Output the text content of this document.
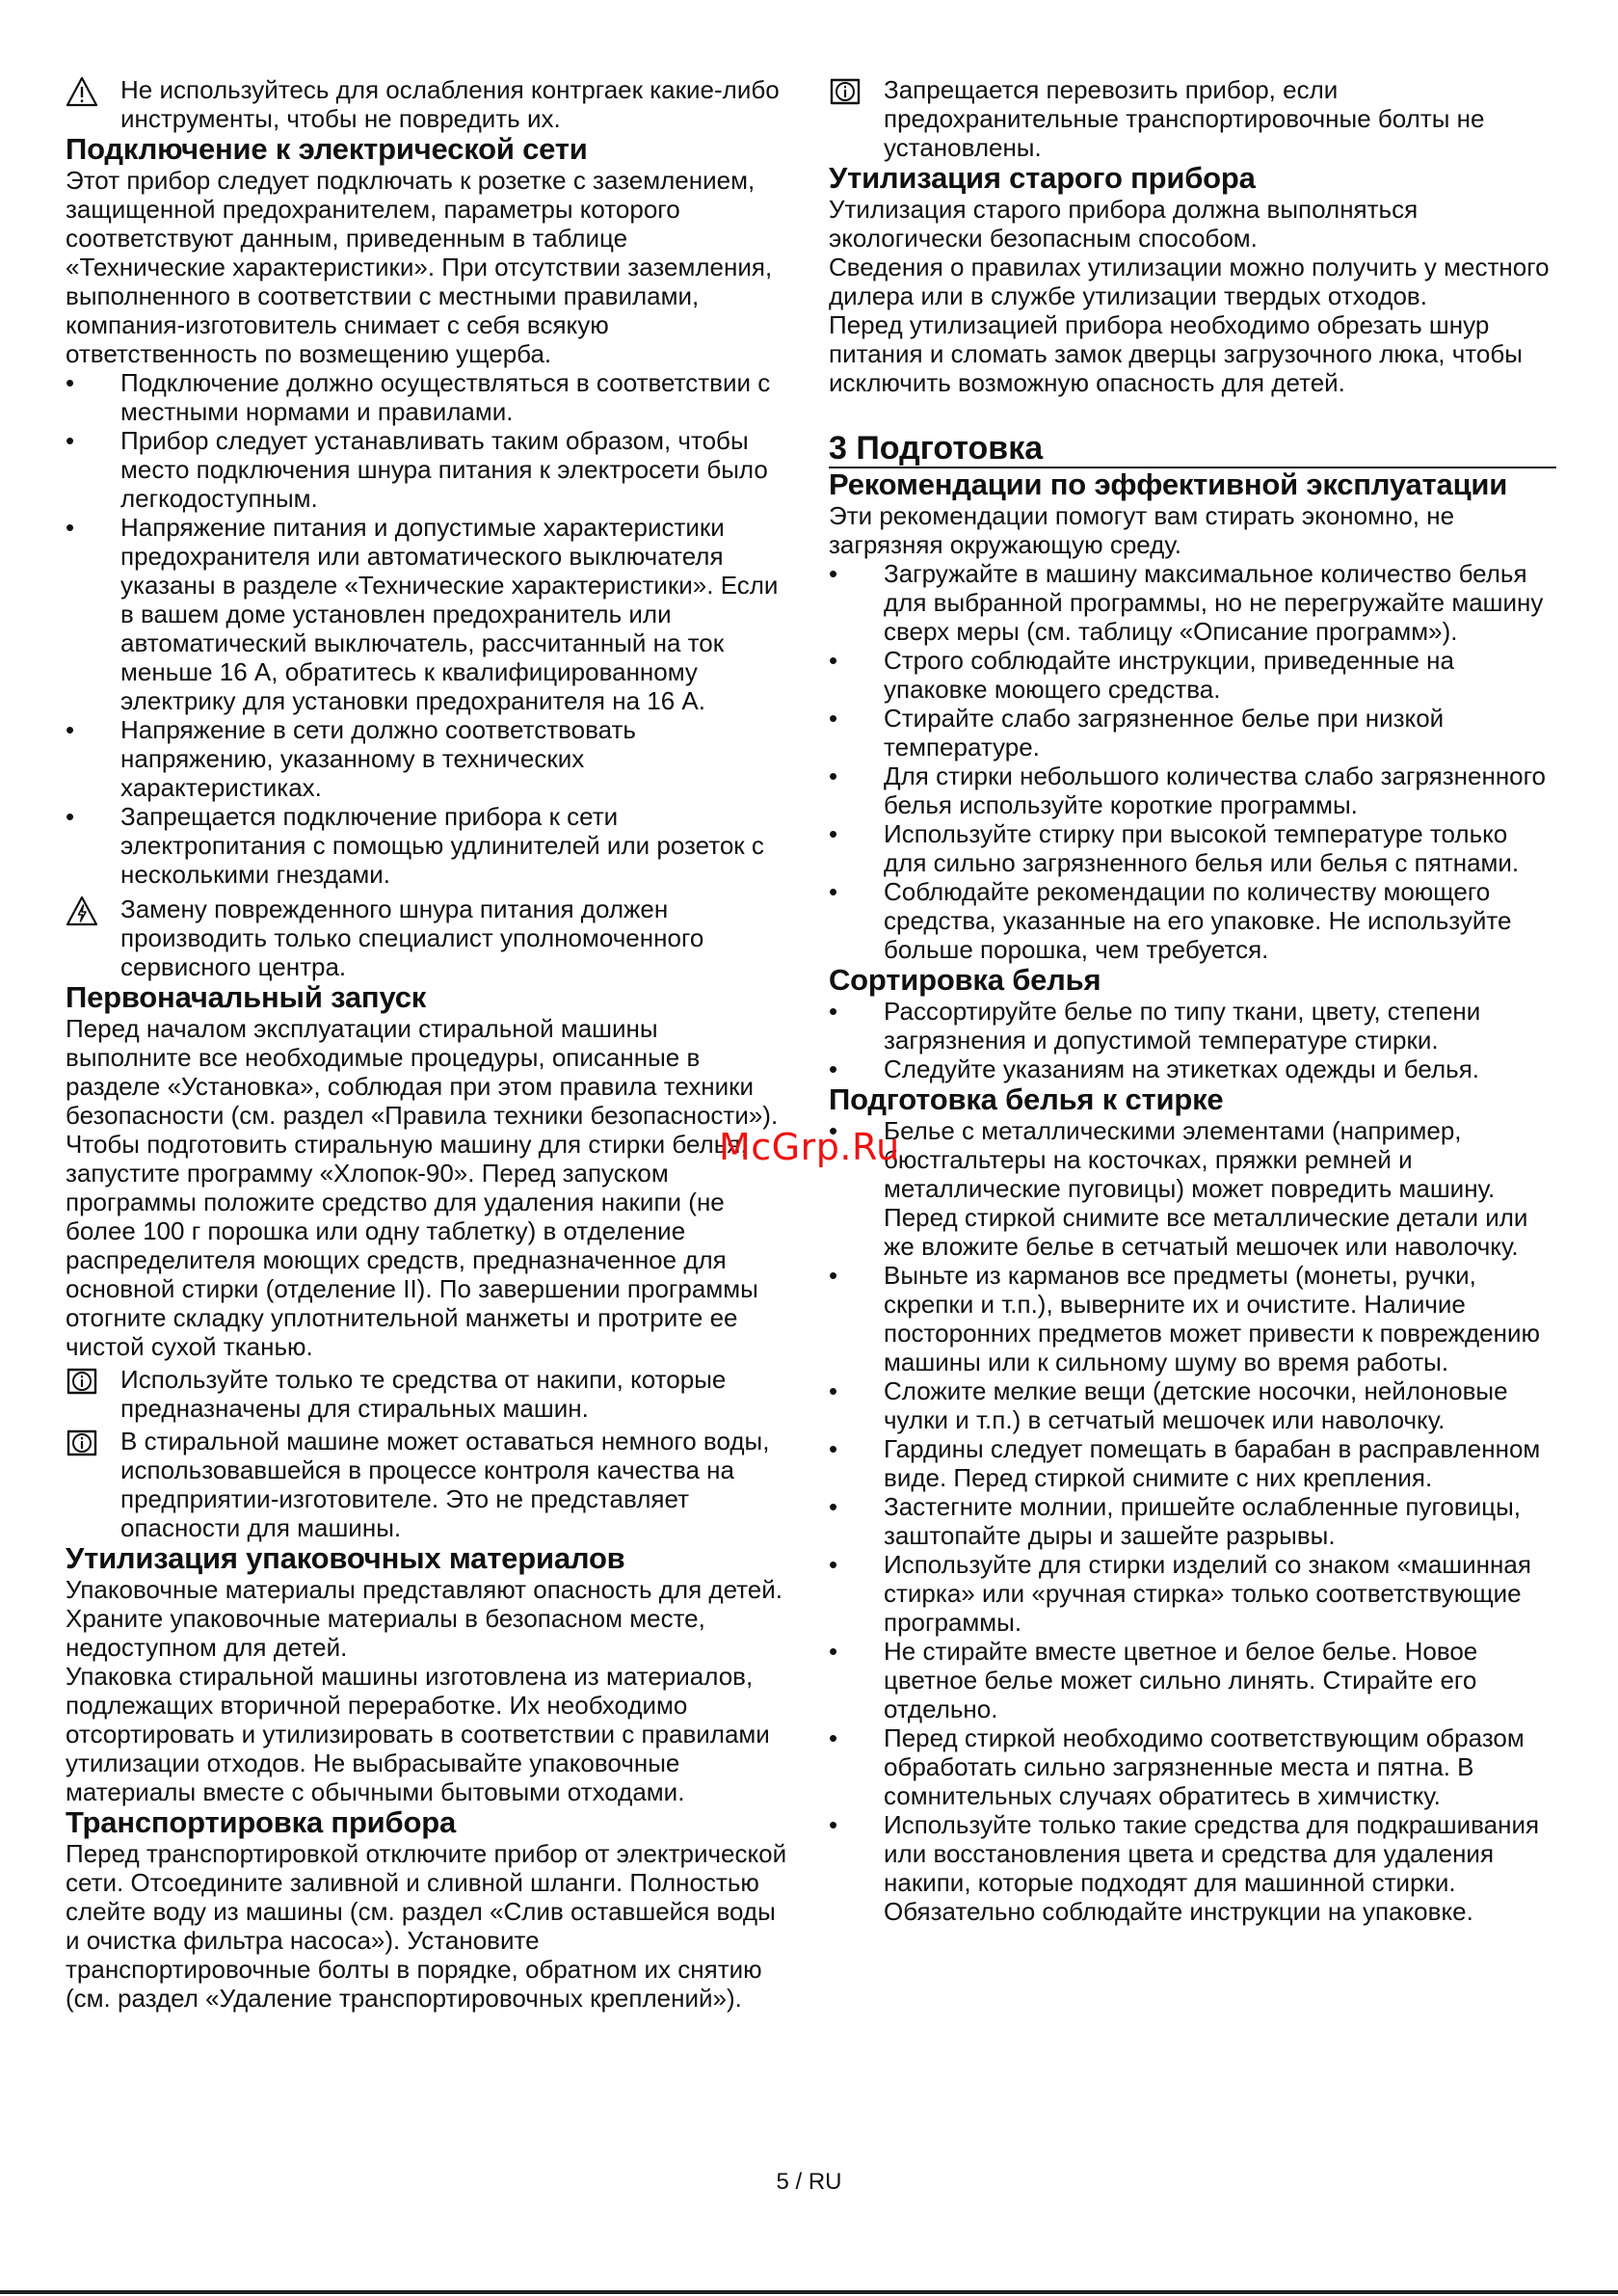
Не используйтесь для ослабления контргаек какие-либо инструменты, чтобы не повредить их.
Подключение к электрической сети

Этот прибор следует подключать к розетке с заземлением, защищенной предохранителем, параметры которого соответствуют данным, приведенным в таблице «Технические характеристики». При отсутствии заземления, выполненного в соответствии с местными правилами, компания-изготовитель снимает с себя всякую ответственность по возмещению ущерба.

• Подключение должно осуществляться в соответствии с местными нормами и правилами.
• Прибор следует устанавливать таким образом, чтобы место подключения шнура питания к электросети было легкодоступным.
• Напряжение питания и допустимые характеристики предохранителя или автоматического выключателя указаны в разделе «Технические характеристики». Если в вашем доме установлен предохранитель или автоматический выключатель, рассчитанный на ток меньше 16 А, обратитесь к квалифицированному электрику для установки предохранителя на 16 А.
• Напряжение в сети должно соответствовать напряжению, указанному в технических характеристиках.
• Запрещается подключение прибора к сети электропитания с помощью удлинителей или розеток с несколькими гнездами.
Замену поврежденного шнура питания должен производить только специалист уполномоченного сервисного центра.
Первоначальный запуск

Перед началом эксплуатации стиральной машины выполните все необходимые процедуры, описанные в разделе «Установка», соблюдая при этом правила техники безопасности (см. раздел «Правила техники безопасности»).

Чтобы подготовить стиральную машину для стирки белья, запустите программу «Хлопок-90». Перед запуском программы положите средство для удаления накипи (не более 100 г порошка или одну таблетку) в отделение распределителя моющих средств, предназначенное для основной стирки (отделение II). По завершении программы отогните складку уплотнительной манжеты и протрите ее чистой сухой тканью.

Используйте только те средства от накипи, которые предназначены для стиральных машин.
В стиральной машине может оставаться немного воды, использовавшейся в процессе контроля качества на предприятии-изготовителе. Это не представляет опасности для машины.
Утилизация упаковочных материалов

Упаковочные материалы представляют опасность для детей. Храните упаковочные материалы в безопасном месте, недоступном для детей.

Упаковка стиральной машины изготовлена из материалов, подлежащих вторичной переработке. Их необходимо отсортировать и утилизировать в соответствии с правилами утилизации отходов. Не выбрасывайте упаковочные материалы вместе с обычными бытовыми отходами.

Транспортировка прибора

Перед транспортировкой отключите прибор от электрической сети. Отсоедините заливной и сливной шланги. Полностью слейте воду из машины (см. раздел «Слив оставшейся воды и очистка фильтра насоса»). Установите транспортировочные болты в порядке, обратном их снятию (см. раздел «Удаление транспортировочных креплений»).

Запрещается перевозить прибор, если предохранительные транспортировочные болты не установлены.
Утилизация старого прибора

Утилизация старого прибора должна выполняться экологически безопасным способом.

Сведения о правилах утилизации можно получить у местного дилера или в службе утилизации твердых отходов.

Перед утилизацией прибора необходимо обрезать шнур питания и сломать замок дверцы загрузочного люка, чтобы исключить возможную опасность для детей.

3 Подготовка
Рекомендации по эффективной эксплуатации

Эти рекомендации помогут вам стирать экономно, не загрязняя окружающую среду.

• Загружайте в машину максимальное количество белья для выбранной программы, но не перегружайте машину сверх меры (см. таблицу «Описание программ»).
• Строго соблюдайте инструкции, приведенные на упаковке моющего средства.
• Стирайте слабо загрязненное белье при низкой температуре.
• Для стирки небольшого количества слабо загрязненного белья используйте короткие программы.
• Используйте стирку при высокой температуре только для сильно загрязненного белья или белья с пятнами.
• Соблюдайте рекомендации по количеству моющего средства, указанные на его упаковке. Не используйте больше порошка, чем требуется.
Сортировка белья
• Рассортируйте белье по типу ткани, цвету, степени загрязнения и допустимой температуре стирки.
• Следуйте указаниям на этикетках одежды и белья.
Подготовка белья к стирке
• Белье с металлическими элементами (например, бюстгальтеры на косточках, пряжки ремней и металлические пуговицы) может повредить машину. Перед стиркой снимите все металлические детали или же вложите белье в сетчатый мешочек или наволочку.
• Выньте из карманов все предметы (монеты, ручки, скрепки и т.п.), выверните их и очистите. Наличие посторонних предметов может привести к повреждению машины или к сильному шуму во время работы.
• Сложите мелкие вещи (детские носочки, нейлоновые чулки и т.п.) в сетчатый мешочек или наволочку.
• Гардины следует помещать в барабан в расправленном виде. Перед стиркой снимите с них крепления.
• Застегните молнии, пришейте ослабленные пуговицы, заштопайте дыры и зашейте разрывы.
• Используйте для стирки изделий со знаком «машинная стирка» или «ручная стирка» только соответствующие программы.
• Не стирайте вместе цветное и белое белье. Новое цветное белье может сильно линять. Стирайте его отдельно.
• Перед стиркой необходимо соответствующим образом обработать сильно загрязненные места и пятна. В сомнительных случаях обратитесь в химчистку.
• Используйте только такие средства для подкрашивания или восстановления цвета и средства для удаления накипи, которые подходят для машинной стирки. Обязательно соблюдайте инструкции на упаковке.
McGrp.Ru
5 / RU
